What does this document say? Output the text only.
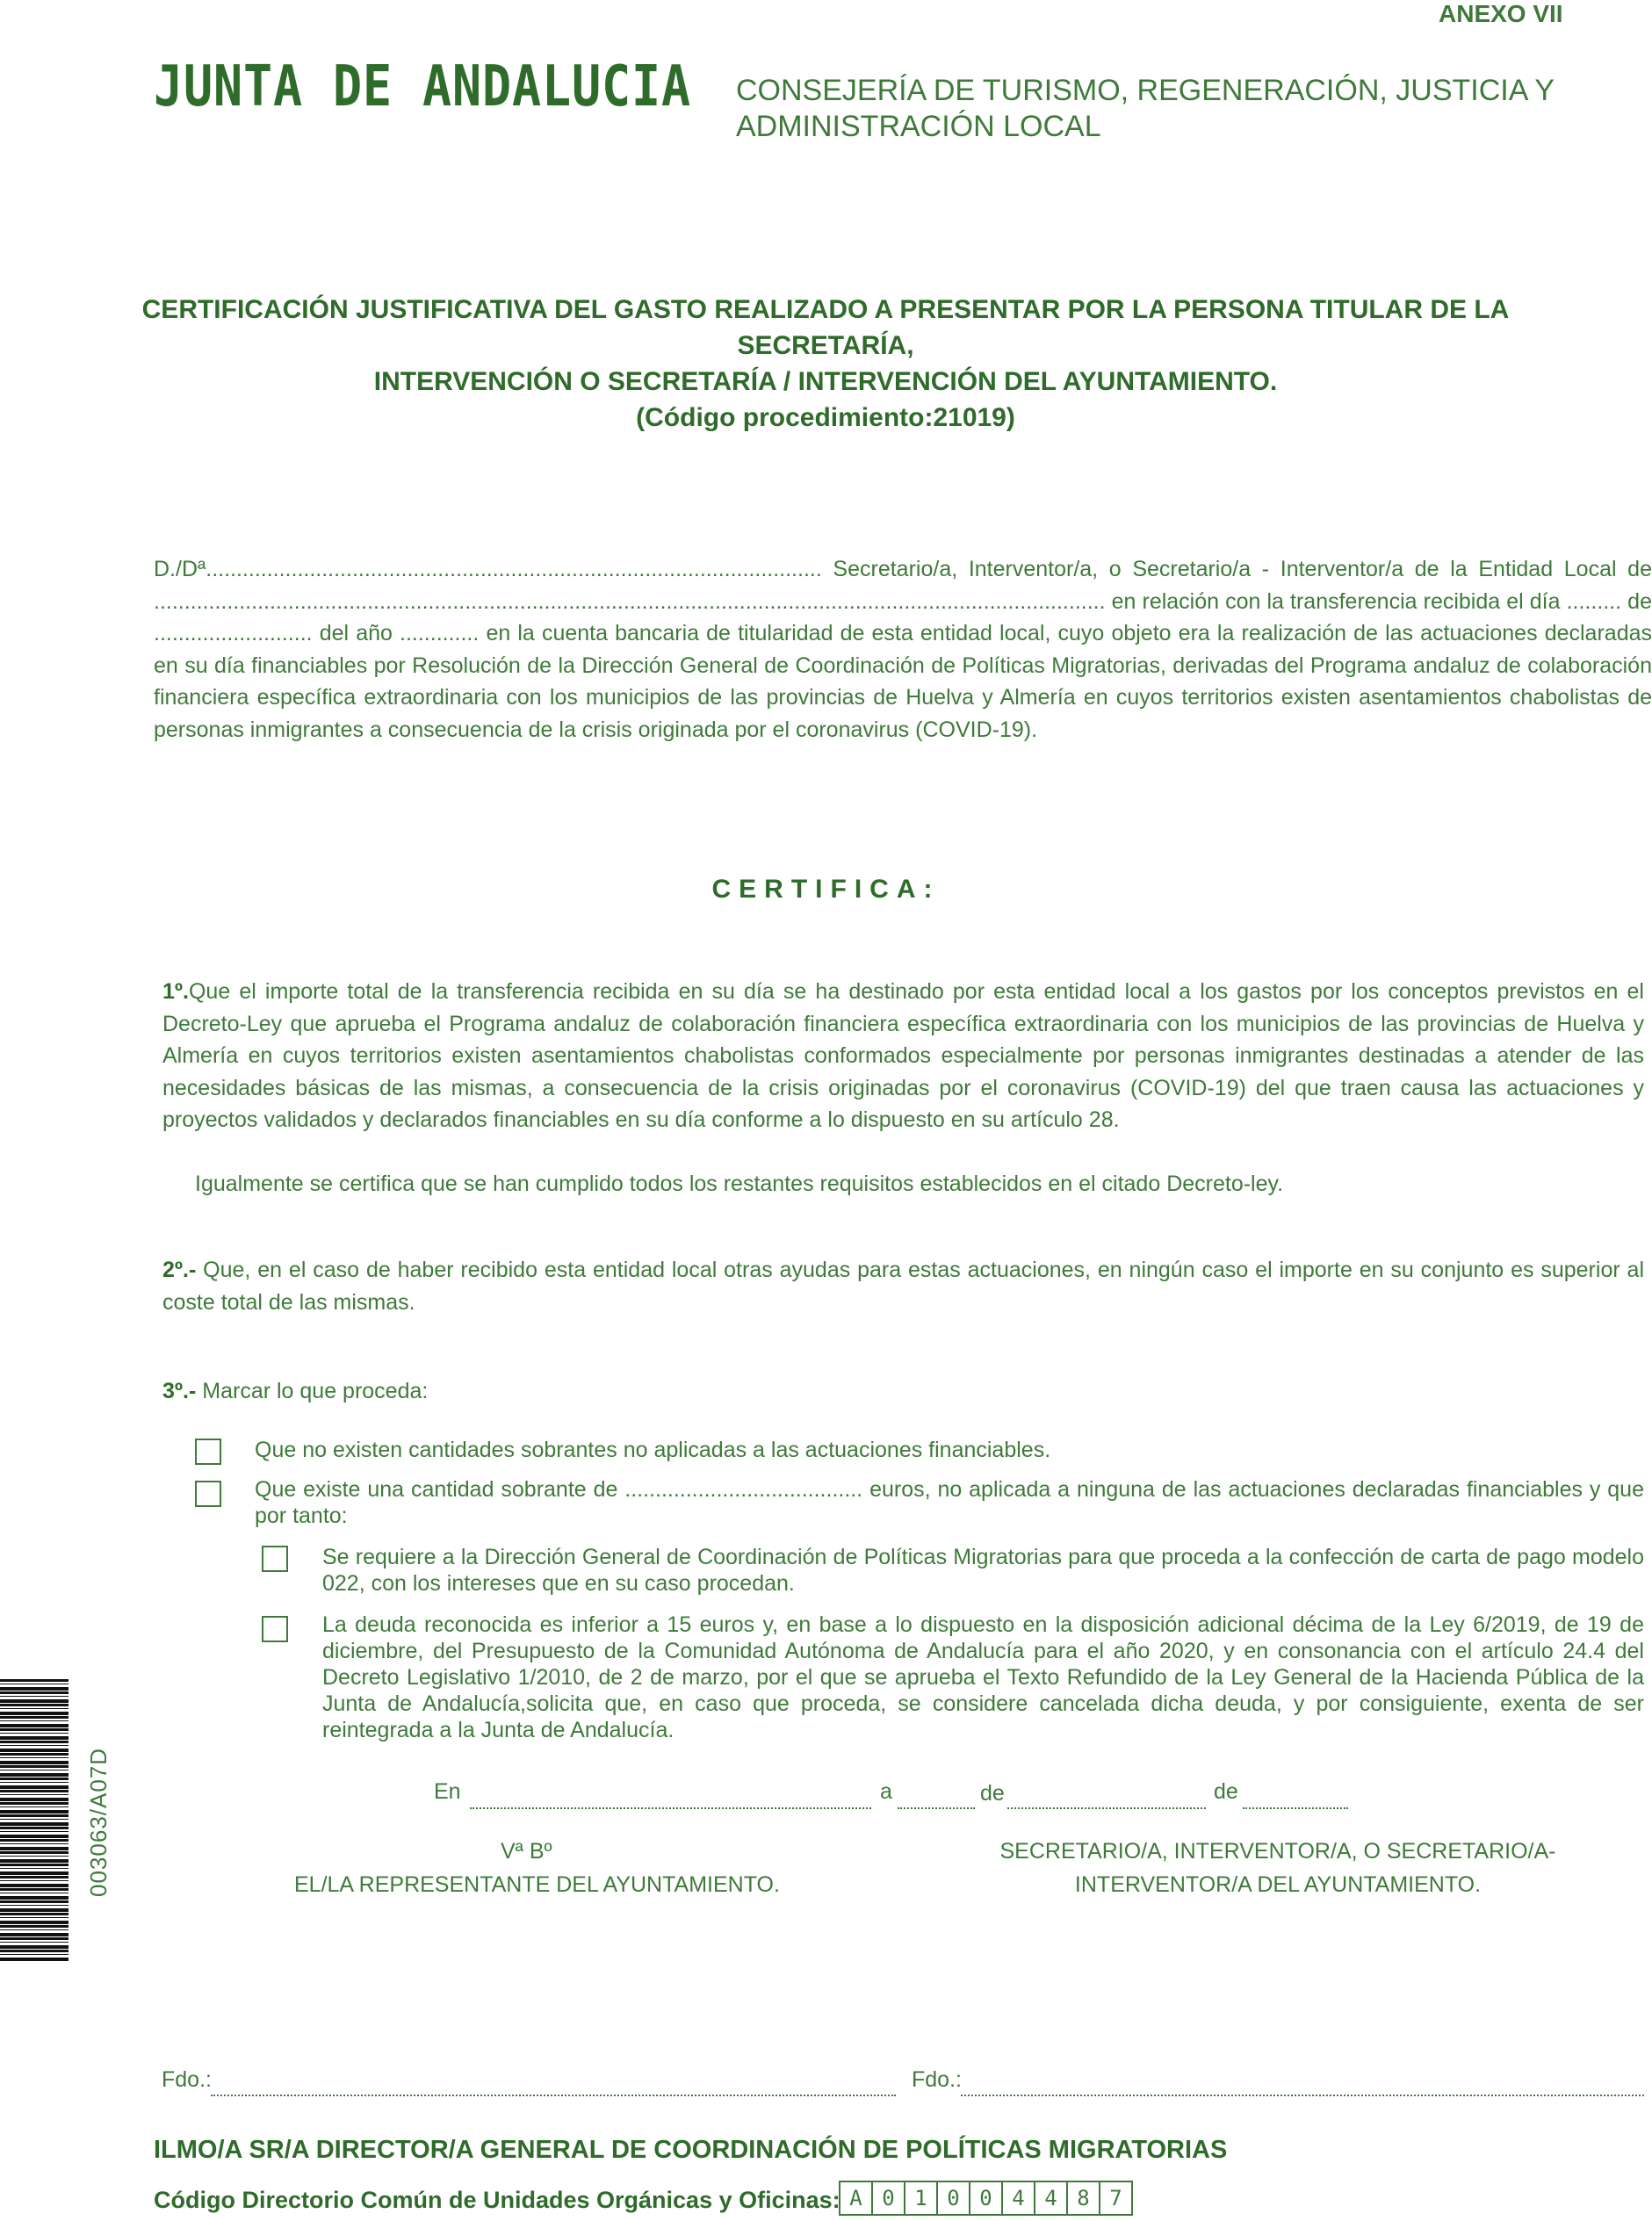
ANEXO VII
JUNTA DE ANDALUCIA CONSEJERÍA DE TURISMO, REGENERACIÓN, JUSTICIA Y
ADMINISTRACIÓN LOCAL
CERTIFICACIÓN JUSTIFICATIVA DEL GASTO REALIZADO A PRESENTAR POR LA PERSONA TITULAR DE LA SECRETARÍA,
INTERVENCIÓN O SECRETARÍA / INTERVENCIÓN DEL AYUNTAMIENTO.
(Código procedimiento:21019)
D./Dª..................................................................................................... Secretario/a, Interventor/a, o Secretario/a - Interventor/a de la Entidad Local de ............................................................................................................................................................ en relación con la transferencia recibida el día ......... de .......................... del año ............. en la cuenta bancaria de titularidad de esta entidad local, cuyo objeto era la realización de las actuaciones declaradas en su día financiables por Resolución de la Dirección General de Coordinación de Políticas Migratorias, derivadas del Programa andaluz de colaboración financiera específica extraordinaria con los municipios de las provincias de Huelva y Almería en cuyos territorios existen asentamientos chabolistas de personas inmigrantes a consecuencia de la crisis originada por el coronavirus (COVID-19).
CERTIFICA:
1º.Que el importe total de la transferencia recibida en su día se ha destinado por esta entidad local a los gastos por los conceptos previstos en el Decreto-Ley que aprueba el Programa andaluz de colaboración financiera específica extraordinaria con los municipios de las provincias de Huelva y Almería en cuyos territorios existen asentamientos chabolistas conformados especialmente por personas inmigrantes destinadas a atender de las necesidades básicas de las mismas, a consecuencia de la crisis originadas por el coronavirus (COVID-19) del que traen causa las actuaciones y proyectos validados y declarados financiables en su día conforme a lo dispuesto en su artículo 28.
Igualmente se certifica que se han cumplido todos los restantes requisitos establecidos en el citado Decreto-ley.
2º.- Que, en el caso de haber recibido esta entidad local otras ayudas para estas actuaciones, en ningún caso el importe en su conjunto es superior al coste total de las mismas.
3º.- Marcar lo que proceda:
Que no existen cantidades sobrantes no aplicadas a las actuaciones financiables.
Que existe una cantidad sobrante de ....................................... euros, no aplicada a ninguna de las actuaciones declaradas financiables y que por tanto:
Se requiere a la Dirección General de Coordinación de Políticas Migratorias para que proceda a la confección de carta de pago modelo 022, con los intereses que en su caso procedan.
La deuda reconocida es inferior a 15 euros y, en base a lo dispuesto en la disposición adicional décima de la Ley 6/2019, de 19 de diciembre, del Presupuesto de la Comunidad Autónoma de Andalucía para el año 2020, y en consonancia con el artículo 24.4 del Decreto Legislativo 1/2010, de 2 de marzo, por el que se aprueba el Texto Refundido de la Ley General de la Hacienda Pública de la Junta de Andalucía,solicita que, en caso que proceda, se considere cancelada dicha deuda, y por consiguiente, exenta de ser reintegrada a la Junta de Andalucía.
En	a	de	de
Vª Bº
EL/LA REPRESENTANTE DEL AYUNTAMIENTO.
SECRETARIO/A, INTERVENTOR/A, O SECRETARIO/A-
INTERVENTOR/A DEL AYUNTAMIENTO.
Fdo.:	Fdo.:
ILMO/A SR/A DIRECTOR/A GENERAL DE COORDINACIÓN DE POLÍTICAS MIGRATORIAS
Código Directorio Común de Unidades Orgánicas y Oficinas: A 0 1 0 0 4 4 8 7
003063/A07D
